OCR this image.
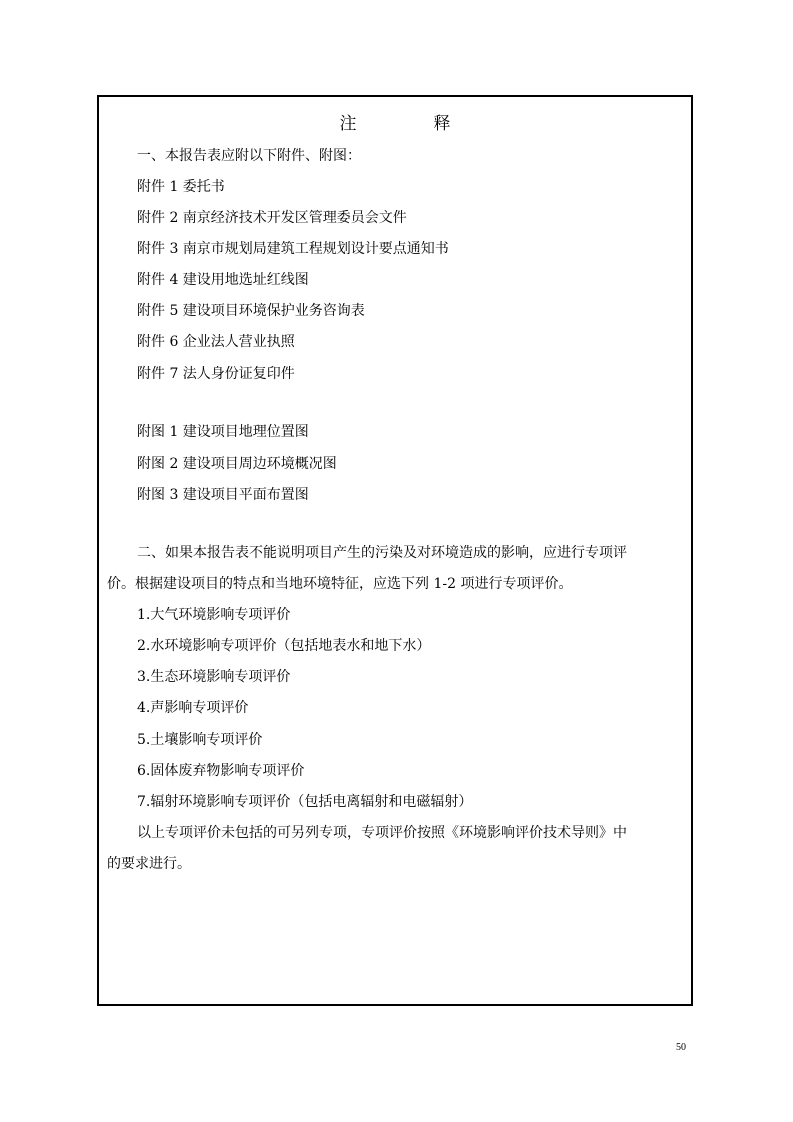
注　释
一、本报告表应附以下附件、附图：
附件 1 委托书
附件 2 南京经济技术开发区管理委员会文件
附件 3 南京市规划局建筑工程规划设计要点通知书
附件 4 建设用地选址红线图
附件 5 建设项目环境保护业务咨询表
附件 6 企业法人营业执照
附件 7 法人身份证复印件
附图 1 建设项目地理位置图
附图 2 建设项目周边环境概况图
附图 3 建设项目平面布置图
二、如果本报告表不能说明项目产生的污染及对环境造成的影响，应进行专项评
价。根据建设项目的特点和当地环境特征，应选下列 1-2 项进行专项评价。
1.大气环境影响专项评价
2.水环境影响专项评价（包括地表水和地下水）
3.生态环境影响专项评价
4.声影响专项评价
5.土壤影响专项评价
6.固体废弃物影响专项评价
7.辐射环境影响专项评价（包括电离辐射和电磁辐射）
以上专项评价未包括的可另列专项，专项评价按照《环境影响评价技术导则》中
的要求进行。
50
